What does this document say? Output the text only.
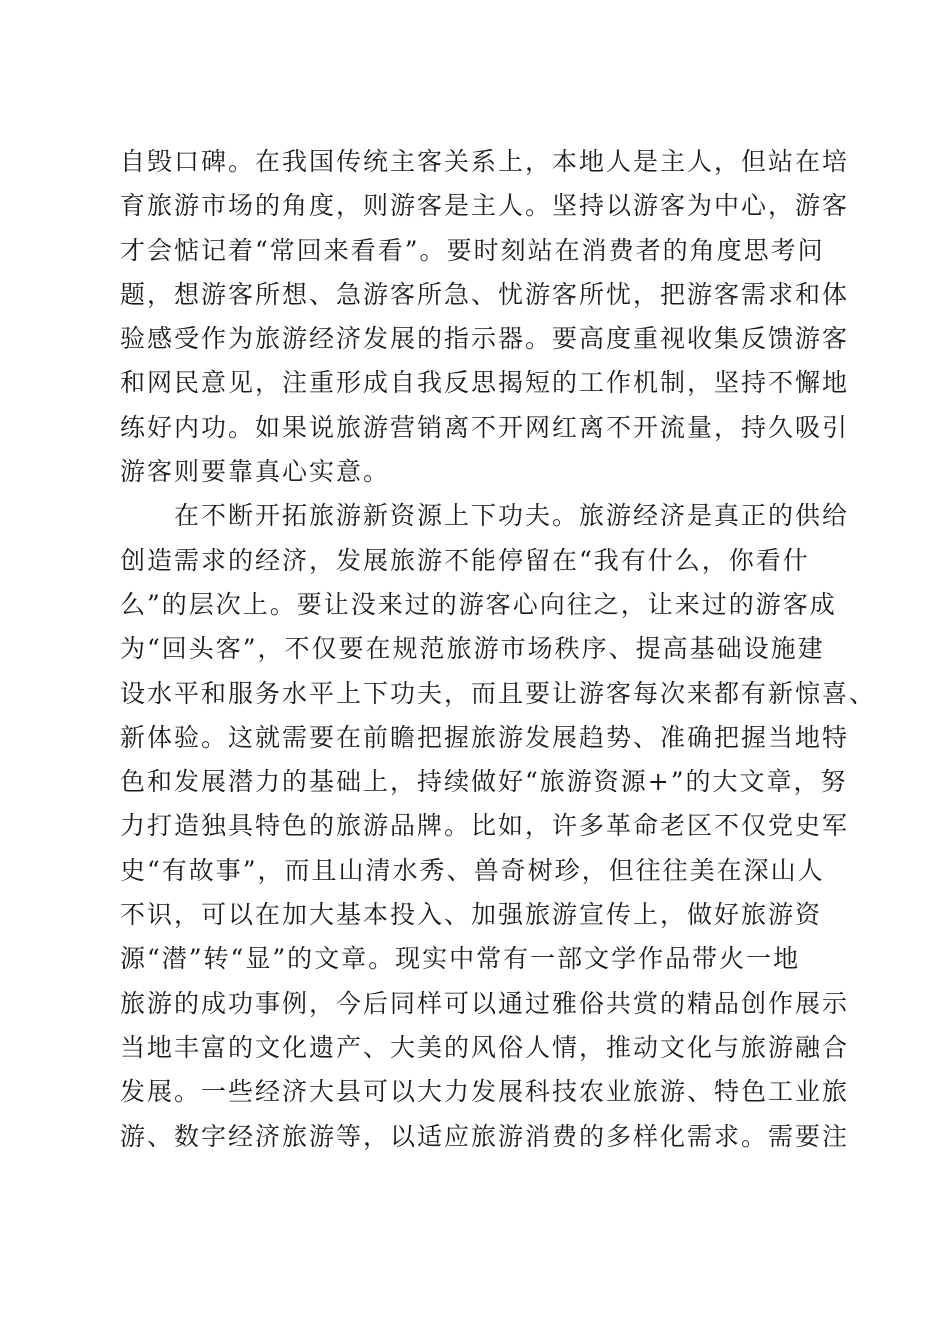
自毁口碑。在我国传统主客关系上，本地人是主人，但站在培
育旅游市场的角度，则游客是主人。坚持以游客为中心，游客
才会惦记着“常回来看看”。要时刻站在消费者的角度思考问
题，想游客所想、急游客所急、忧游客所忧，把游客需求和体
验感受作为旅游经济发展的指示器。要高度重视收集反馈游客
和网民意见，注重形成自我反思揭短的工作机制，坚持不懈地
练好内功。如果说旅游营销离不开网红离不开流量，持久吸引
游客则要靠真心实意。
在不断开拓旅游新资源上下功夫。旅游经济是真正的供给
创造需求的经济，发展旅游不能停留在“我有什么，你看什
么”的层次上。要让没来过的游客心向往之，让来过的游客成
为“回头客”，不仅要在规范旅游市场秩序、提高基础设施建
设水平和服务水平上下功夫，而且要让游客每次来都有新惊喜、
新体验。这就需要在前瞻把握旅游发展趋势、准确把握当地特
色和发展潜力的基础上，持续做好“旅游资源+”的大文章，努
力打造独具特色的旅游品牌。比如，许多革命老区不仅党史军
史“有故事”，而且山清水秀、兽奇树珍，但往往美在深山人
不识，可以在加大基本投入、加强旅游宣传上，做好旅游资
源“潜”转“显”的文章。现实中常有一部文学作品带火一地
旅游的成功事例，今后同样可以通过雅俗共赏的精品创作展示
当地丰富的文化遗产、大美的风俗人情，推动文化与旅游融合
发展。一些经济大县可以大力发展科技农业旅游、特色工业旅
游、数字经济旅游等，以适应旅游消费的多样化需求。需要注
